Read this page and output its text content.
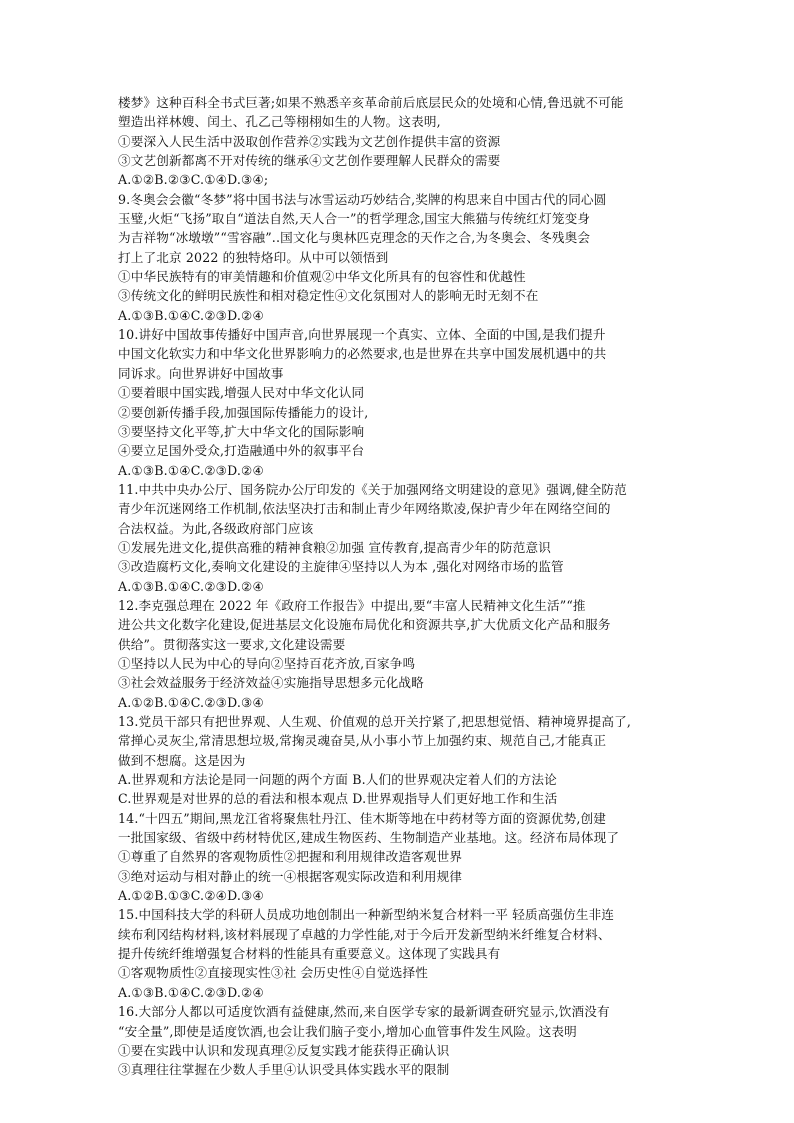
楼梦》这种百科全书式巨著;如果不熟悉辛亥革命前后底层民众的处境和心情,鲁迅就不可能
塑造出祥林嫂、闰土、孔乙己等栩栩如生的人物。这表明,
①要深入人民生活中汲取创作营养②实践为文艺创作提供丰富的资源
③文艺创新都离不开对传统的继承④文艺创作要理解人民群众的需要
A.①②B.②③C.①④D.③④;
9.冬奥会会徽“冬梦”将中国书法与冰雪运动巧妙结合,奖牌的构思来自中国古代的同心圆
玉璧,火炬“飞扬”取自“道法自然,天人合一”的哲学理念,国宝大熊猫与传统红灯笼变身
为吉祥物“冰墩墩”“雪容融”..国文化与奥林匹克理念的天作之合,为冬奥会、冬残奥会
打上了北京 2022 的独特烙印。从中可以领悟到
①中华民族特有的审美情趣和价值观②中华文化所具有的包容性和优越性
③传统文化的鲜明民族性和相对稳定性④文化氛围对人的影响无时无刻不在
A.①③B.①④C.②③D.②④
10.讲好中国故事传播好中国声音,向世界展现一个真实、立体、全面的中国,是我们提升
中国文化软实力和中华文化世界影响力的必然要求,也是世界在共享中国发展机遇中的共
同诉求。向世界讲好中国故事
①要着眼中国实践,增强人民对中华文化认同
②要创新传播手段,加强国际传播能力的设计,
③要坚持文化平等,扩大中华文化的国际影响
④要立足国外受众,打造融通中外的叙事平台
A.①③B.①④C.②③D.②④
11.中共中央办公厅、国务院办公厅印发的《关于加强网络文明建设的意见》强调,健全防范
青少年沉迷网络工作机制,依法坚决打击和制止青少年网络欺凌,保护青少年在网络空间的
合法权益。为此,各级政府部门应该
①发展先进文化,提供高雅的精神食粮②加强 宣传教育,提高青少年的防范意识
③改造腐朽文化,奏响文化建设的主旋律④坚持以人为本 ,强化对网络市场的监管
A.①③B.①④C.②③D.②④
12.李克强总理在 2022 年《政府工作报告》中提出,要“丰富人民精神文化生活”“推
进公共文化数字化建设,促进基层文化设施布局优化和资源共享,扩大优质文化产品和服务
供给”。贯彻落实这一要求,文化建设需要
①坚持以人民为中心的导向②坚持百花齐放,百家争鸣
③社会效益服务于经济效益④实施指导思想多元化战略
A.①②B.①④C.②③D.③④
13.党员干部只有把世界观、人生观、价值观的总开关拧紧了,把思想觉悟、精神境界提高了,
常掸心灵灰尘,常清思想垃圾,常掬灵魂奋昊,从小事小节上加强约束、规范自己,才能真正
做到不想腐。这是因为
A.世界观和方法论是同一问题的两个方面 B.人们的世界观决定着人们的方法论
C.世界观是对世界的总的看法和根本观点 D.世界观指导人们更好地工作和生活
14.“十四五”期间,黑龙江省将聚焦牡丹江、佳木斯等地在中药材等方面的资源优势,创建
一批国家级、省级中药材特优区,建成生物医药、生物制造产业基地。这。经济布局体现了
①尊重了自然界的客观物质性②把握和利用规律改造客观世界
③绝对运动与相对静止的统一④根据客观实际改造和利用规律
A.①②B.①③C.②④D.③④
15.中国科技大学的科研人员成功地创制出一种新型纳米复合材料一平 轻质高强仿生非连
续布利冈结构材料,该材料展现了卓越的力学性能,对于今后开发新型纳米纤维复合材料、
提升传统纤维增强复合材料的性能具有重要意义。这体现了实践具有
①客观物质性②直接现实性③社 会历史性④自觉选择性
A.①③B.①④C.②③D.②④
16.大部分人都以可适度饮酒有益健康,然而,来自医学专家的最新调查研究显示,饮酒没有
“安全量”,即使是适度饮酒,也会让我们脑子变小,增加心血管事件发生风险。这表明
①要在实践中认识和发现真理②反复实践才能获得正确认识
③真理往往掌握在少数人手里④认识受具体实践水平的限制
